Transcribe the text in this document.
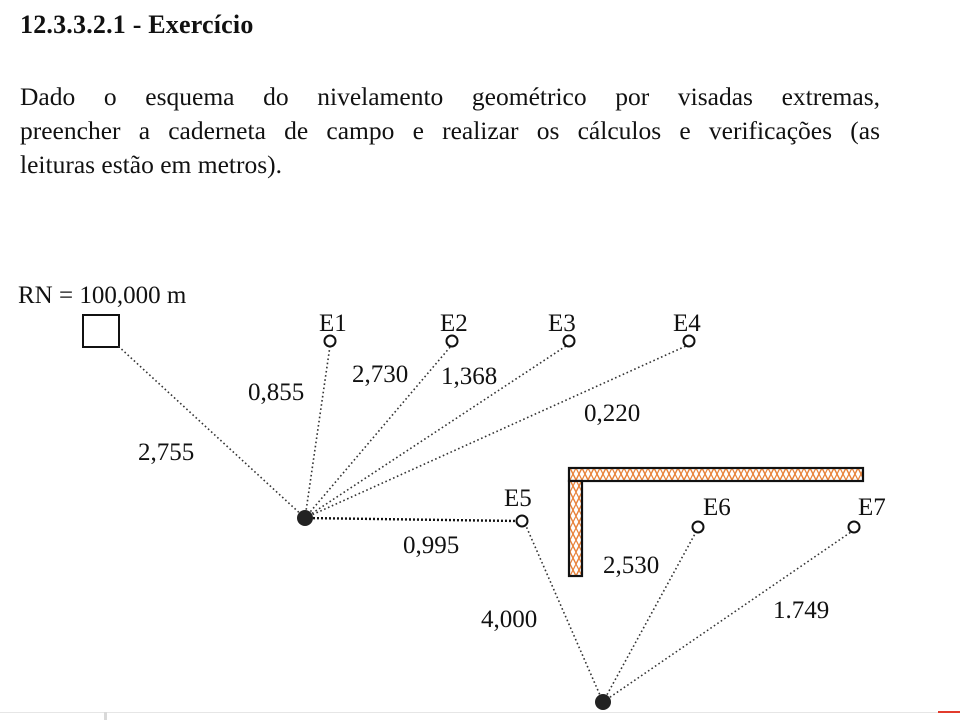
12.3.3.2.1 - Exercício
Dado o esquema do nivelamento geométrico por visadas extremas,
preencher a caderneta de campo e realizar os cálculos e verificações (as
leituras estão em metros).
RN = 100,000 m
E1	E2	E3	E4
E5	E6	E7
2,755
0,855
2,730 1,368
0,220
0,995
4,000
2,530
1.749
